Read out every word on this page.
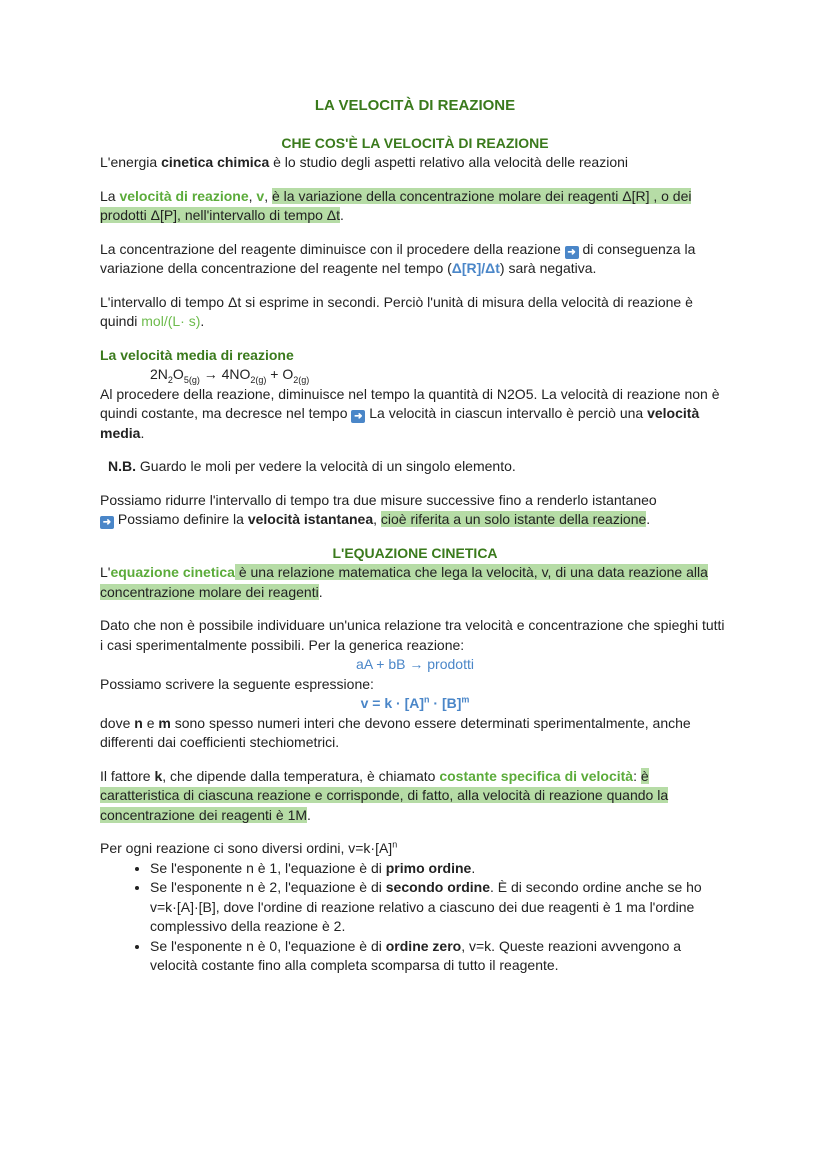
LA VELOCITÀ DI REAZIONE
CHE COS'È LA VELOCITÀ DI REAZIONE

L'energia cinetica chimica è lo studio degli aspetti relativo alla velocità delle reazioni

La velocità di reazione, v, è la variazione della concentrazione molare dei reagenti Δ[R] , o dei prodotti Δ[P], nell'intervallo di tempo Δt.

La concentrazione del reagente diminuisce con il procedere della reazione ➜ di conseguenza la variazione della concentrazione del reagente nel tempo (Δ[R]/Δt) sarà negativa.

L'intervallo di tempo Δt si esprime in secondi. Perciò l'unità di misura della velocità di reazione è quindi mol/(L· s).

La velocità media di reazione

$2N_2O_{5(g)} \to 4NO_{2(g)} + O_{2(g)}$

Al procedere della reazione, diminuisce nel tempo la quantità di N2O5. La velocità di reazione non è quindi costante, ma decresce nel tempo ➜ La velocità in ciascun intervallo è perciò una velocità media.

N.B. Guardo le moli per vedere la velocità di un singolo elemento.

Possiamo ridurre l'intervallo di tempo tra due misure successive fino a renderlo istantaneo
➜ Possiamo definire la velocità istantanea, cioè riferita a un solo istante della reazione.

L'EQUAZIONE CINETICA

L'equazione cinetica è una relazione matematica che lega la velocità, v, di una data reazione alla concentrazione molare dei reagenti.

Dato che non è possibile individuare un'unica relazione tra velocità e concentrazione che spieghi tutti i casi sperimentalmente possibili. Per la generica reazione:

aA + bB → prodotti

Possiamo scrivere la seguente espressione:

$v = k \cdot [A]^n \cdot [B]^m$

dove n e m sono spesso numeri interi che devono essere determinati sperimentalmente, anche differenti dai coefficienti stechiometrici.

Il fattore k, che dipende dalla temperatura, è chiamato costante specifica di velocità: è caratteristica di ciascuna reazione e corrisponde, di fatto, alla velocità di reazione quando la concentrazione dei reagenti è 1M.

Per ogni reazione ci sono diversi ordini, $v=k\cdot[A]^n$

• Se l'esponente n è 1, l'equazione è di primo ordine.
• Se l'esponente n è 2, l'equazione è di secondo ordine. È di secondo ordine anche se ho v=k·[A]·[B], dove l'ordine di reazione relativo a ciascuno dei due reagenti è 1 ma l'ordine complessivo della reazione è 2.
• Se l'esponente n è 0, l'equazione è di ordine zero, v=k. Queste reazioni avvengono a velocità costante fino alla completa scomparsa di tutto il reagente.
